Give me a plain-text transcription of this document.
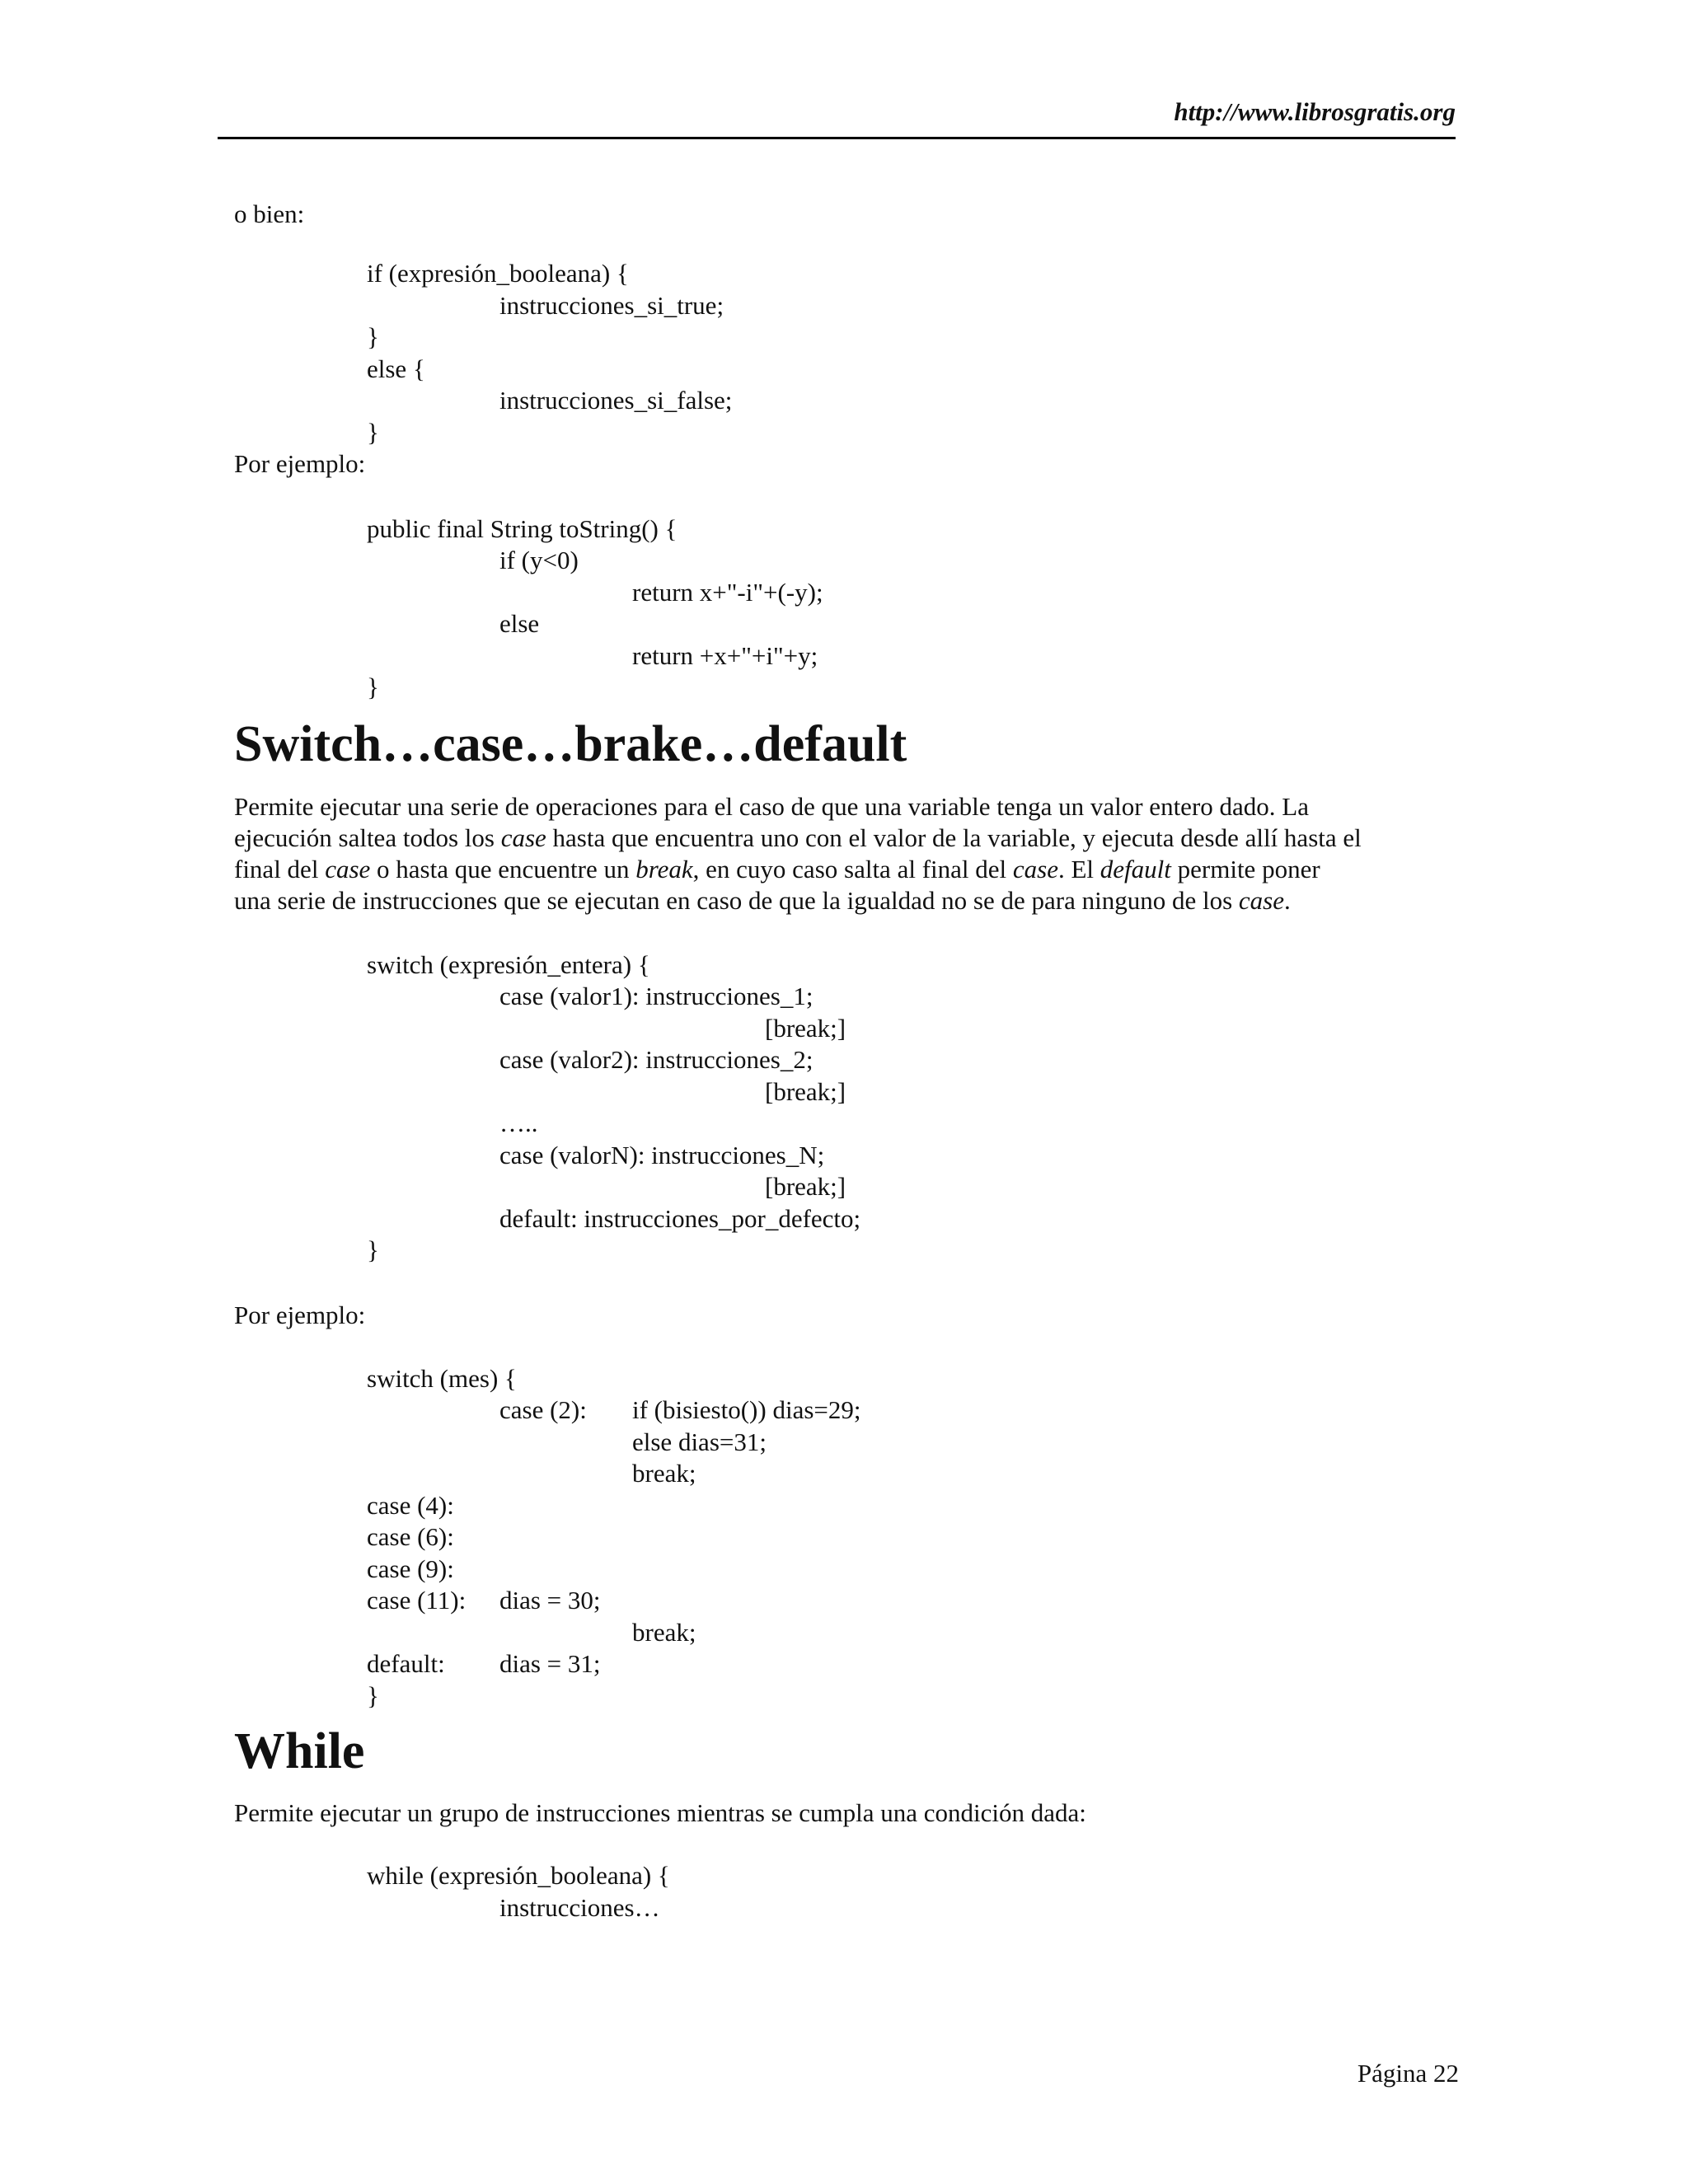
http://www.librosgratis.org
o bien:
if (expresión_booleana) {
instrucciones_si_true;
}
else {
instrucciones_si_false;
}
Por ejemplo:
public final String toString() {
if (y<0)
return x+"-i"+(-y);
else
return +x+"+i"+y;
}
Switch…case…brake…default
Permite ejecutar una serie de operaciones para el caso de que una variable tenga un valor entero dado. La
ejecución saltea todos los case hasta que encuentra uno con el valor de la variable, y ejecuta desde allí hasta el
final del case o hasta que encuentre un break, en cuyo caso salta al final del case. El default permite poner
una serie de instrucciones que se ejecutan en caso de que la igualdad no se de para ninguno de los case.
switch (expresión_entera) {
case (valor1): instrucciones_1;
[break;]
case (valor2): instrucciones_2;
[break;]
…..
case (valorN): instrucciones_N;
[break;]
default: instrucciones_por_defecto;
}
Por ejemplo:
switch (mes) {
case (2): if (bisiesto()) dias=29;
else dias=31;
break;
case (4):
case (6):
case (9):
case (11): dias = 30;
break;
default: dias = 31;
}
While
Permite ejecutar un grupo de instrucciones mientras se cumpla una condición dada:
while (expresión_booleana) {
instrucciones…
Página 22
